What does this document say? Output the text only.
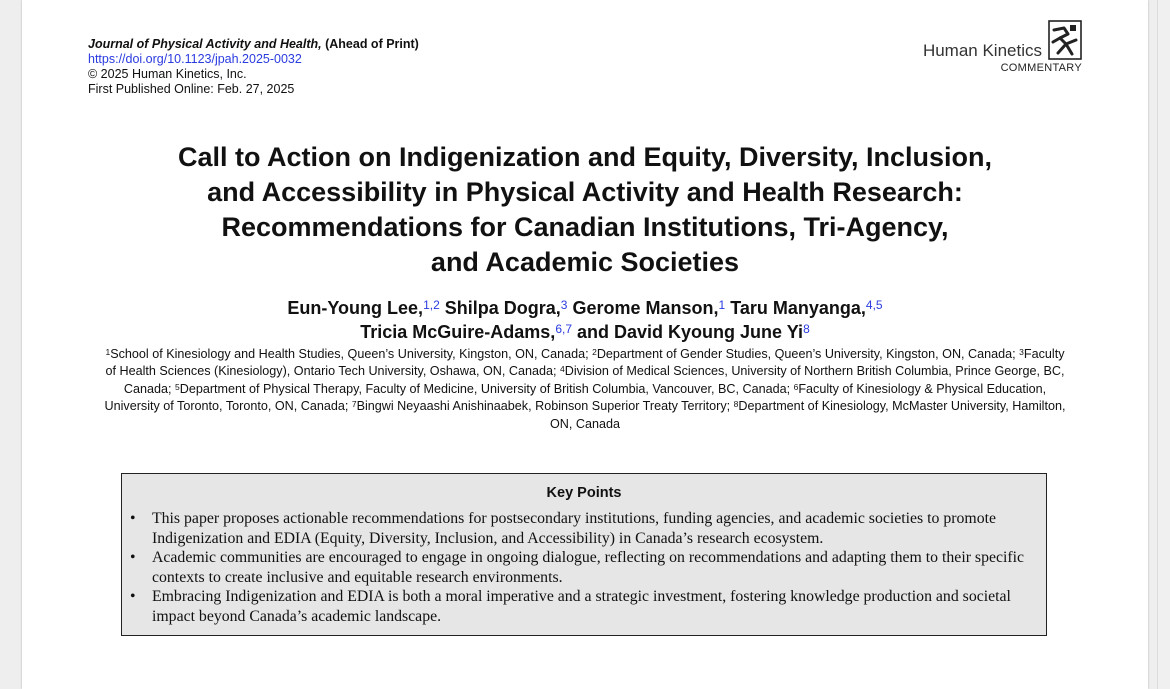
Journal of Physical Activity and Health, (Ahead of Print)
https://doi.org/10.1123/jpah.2025-0032
© 2025 Human Kinetics, Inc.
First Published Online: Feb. 27, 2025
Human Kinetics
COMMENTARY
Call to Action on Indigenization and Equity, Diversity, Inclusion,
and Accessibility in Physical Activity and Health Research:
Recommendations for Canadian Institutions, Tri-Agency,
and Academic Societies
Eun-Young Lee,$^{1,2}$ Shilpa Dogra,$^3$ Gerome Manson,$^1$ Taru Manyanga,$^{4,5}$
Tricia McGuire-Adams,$^{6,7}$ and David Kyoung June Yi$^8$
$^1$School of Kinesiology and Health Studies, Queen’s University, Kingston, ON, Canada; $^2$Department of Gender Studies, Queen’s University, Kingston, ON, Canada; $^3$Faculty of Health Sciences (Kinesiology), Ontario Tech University, Oshawa, ON, Canada; $^4$Division of Medical Sciences, University of Northern British Columbia, Prince George, BC, Canada; $^5$Department of Physical Therapy, Faculty of Medicine, University of British Columbia, Vancouver, BC, Canada; $^6$Faculty of Kinesiology & Physical Education, University of Toronto, Toronto, ON, Canada; $^7$Bingwi Neyaashi Anishinaabek, Robinson Superior Treaty Territory; $^8$Department of Kinesiology, McMaster University, Hamilton, ON, Canada
Key Points
• This paper proposes actionable recommendations for postsecondary institutions, funding agencies, and academic societies to promote Indigenization and EDIA (Equity, Diversity, Inclusion, and Accessibility) in Canada’s research ecosystem.
• Academic communities are encouraged to engage in ongoing dialogue, reflecting on recommendations and adapting them to their specific contexts to create inclusive and equitable research environments.
• Embracing Indigenization and EDIA is both a moral imperative and a strategic investment, fostering knowledge production and societal impact beyond Canada’s academic landscape.
